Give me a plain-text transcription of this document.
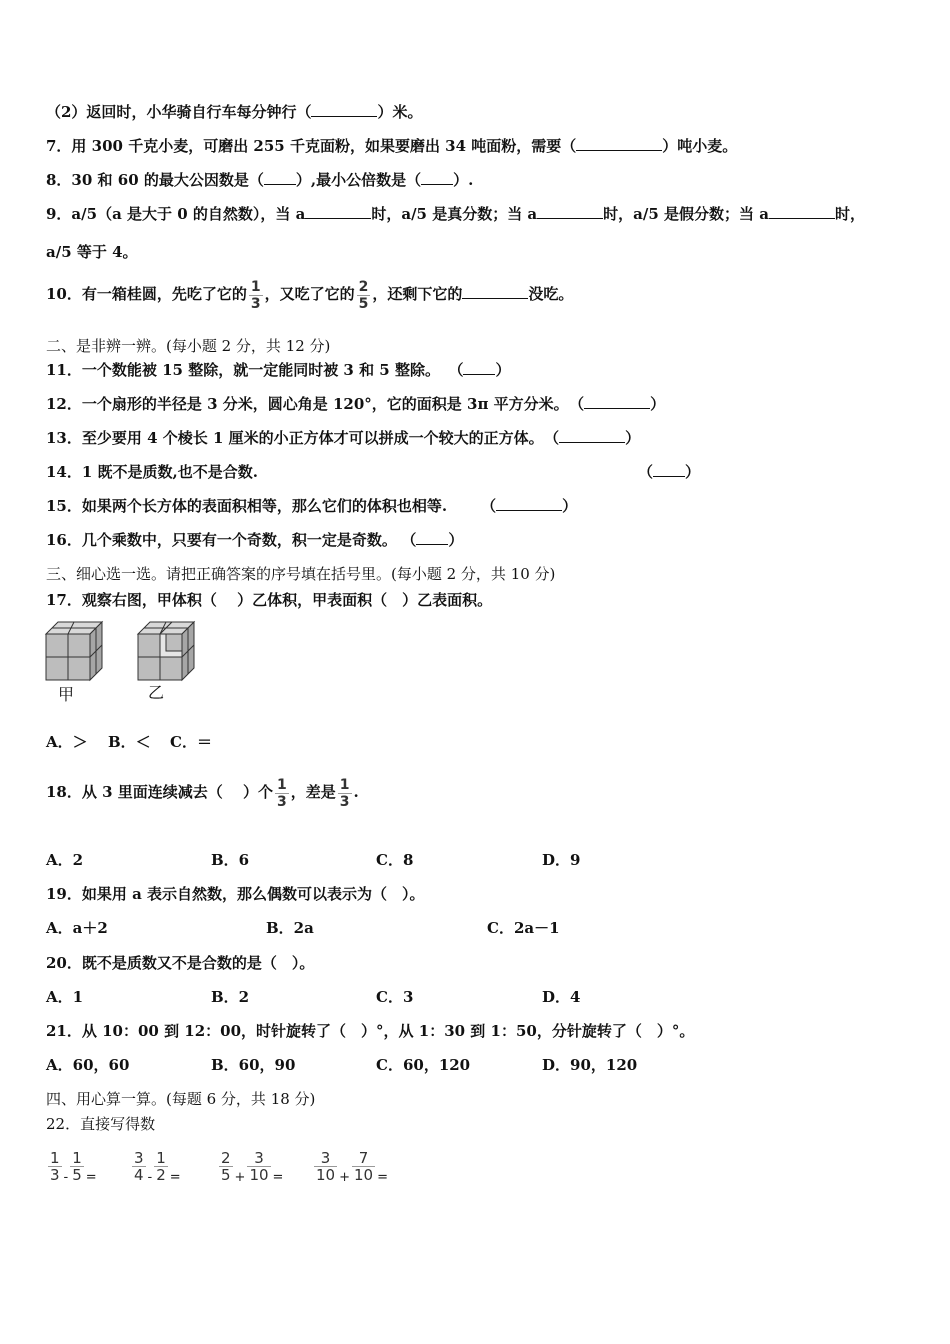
（2）返回时，小华骑自行车每分钟行（	）米。
7．用 300 千克小麦，可磨出 255 千克面粉，如果要磨出 34 吨面粉，需要（	）吨小麦。
8．30 和 60 的最大公因数是（ ）,最小公倍数是（ ）.
9．a/5（a 是大于 0 的自然数），当 a	时，a/5 是真分数；当 a	时，a/5 是假分数；当 a	时，
a/5 等于 4。
10．有一箱桂圆，先吃了它的 $\frac{1}{3}$ ，又吃了它的 $\frac{2}{5}$ ，还剩下它的	没吃。
二、是非辨一辨。(每小题 2 分，共 12 分)
11．一个数能被 15 整除，就一定能同时被 3 和 5 整除。 （ ）
12．一个扇形的半径是 3 分米，圆心角是 120°，它的面积是 3π 平方分米。 （	）
13．至少要用 4 个棱长 1 厘米的小正方体才可以拼成一个较大的正方体。 （	）
14．1 既不是质数,也不是合数.	（ ）
15．如果两个长方体的表面积相等，那么它们的体积也相等. （	）
16．几个乘数中，只要有一个奇数，积一定是奇数。 （ ）
三、细心选一选。请把正确答案的序号填在括号里。(每小题 2 分，共 10 分)
17．观察右图，甲体积（　 ）乙体积，甲表面积（　）乙表面积。
甲	乙
A．＞ B．＜ C．＝
18．从 3 里面连续减去（　 ）个 $\frac{1}{3}$ ，差是 $\frac{1}{3}$ .
A．2	B．6	C．8	D．9
19．如果用 a 表示自然数，那么偶数可以表示为（　）。
A．a＋2	B．2a	C．2a－1
20．既不是质数又不是合数的是（　）。
A．1	B．2	C．3	D．4
21．从 10：00 到 12：00，时针旋转了（　）°，从 1：30 到 1：50，分针旋转了（　）°。
A．60，60	B．60，90	C．60，120	D．90，120
四、用心算一算。(每题 6 分，共 18 分)
22．直接写得数
$\frac{1}{3} - \frac{1}{5} = \frac{3}{4} - \frac{1}{2}$ =	$\frac{2}{5} + \frac{3}{10} = \frac{3}{10} + \frac{7}{10}$ =
